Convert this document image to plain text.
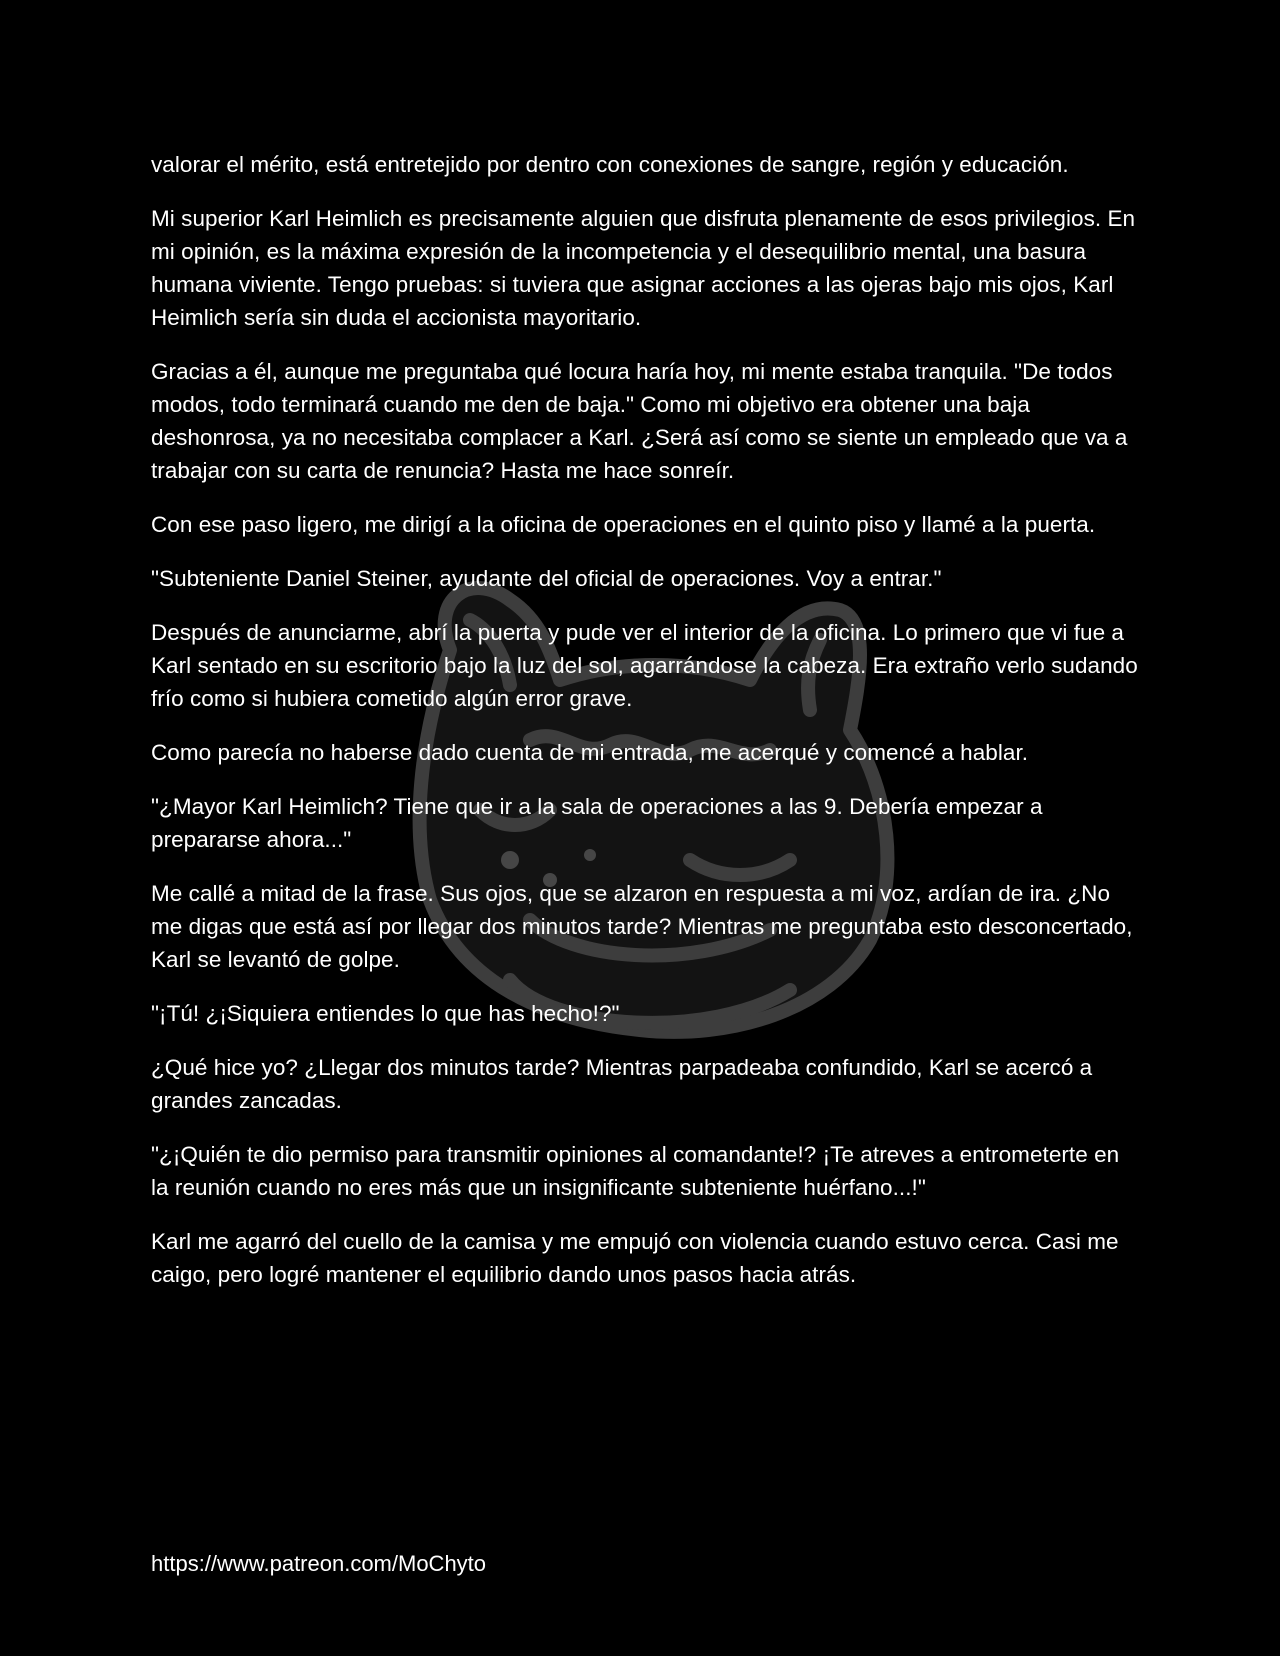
valorar el mérito, está entretejido por dentro con conexiones de sangre, región y educación.

Mi superior Karl Heimlich es precisamente alguien que disfruta plenamente de esos privilegios. En mi opinión, es la máxima expresión de la incompetencia y el desequilibrio mental, una basura humana viviente. Tengo pruebas: si tuviera que asignar acciones a las ojeras bajo mis ojos, Karl Heimlich sería sin duda el accionista mayoritario.

Gracias a él, aunque me preguntaba qué locura haría hoy, mi mente estaba tranquila. "De todos modos, todo terminará cuando me den de baja." Como mi objetivo era obtener una baja deshonrosa, ya no necesitaba complacer a Karl. ¿Será así como se siente un empleado que va a trabajar con su carta de renuncia? Hasta me hace sonreír.

Con ese paso ligero, me dirigí a la oficina de operaciones en el quinto piso y llamé a la puerta.

"Subteniente Daniel Steiner, ayudante del oficial de operaciones. Voy a entrar."

Después de anunciarme, abrí la puerta y pude ver el interior de la oficina. Lo primero que vi fue a Karl sentado en su escritorio bajo la luz del sol, agarrándose la cabeza. Era extraño verlo sudando frío como si hubiera cometido algún error grave.

Como parecía no haberse dado cuenta de mi entrada, me acerqué y comencé a hablar.

"¿Mayor Karl Heimlich? Tiene que ir a la sala de operaciones a las 9. Debería empezar a prepararse ahora..."

Me callé a mitad de la frase. Sus ojos, que se alzaron en respuesta a mi voz, ardían de ira. ¿No me digas que está así por llegar dos minutos tarde? Mientras me preguntaba esto desconcertado, Karl se levantó de golpe.

"¡Tú! ¿¡Siquiera entiendes lo que has hecho!?"

¿Qué hice yo? ¿Llegar dos minutos tarde? Mientras parpadeaba confundido, Karl se acercó a grandes zancadas.

"¿¡Quién te dio permiso para transmitir opiniones al comandante!? ¡Te atreves a entrometerte en la reunión cuando no eres más que un insignificante subteniente huérfano...!"

Karl me agarró del cuello de la camisa y me empujó con violencia cuando estuvo cerca. Casi me caigo, pero logré mantener el equilibrio dando unos pasos hacia atrás.

https://www.patreon.com/MoChyto
